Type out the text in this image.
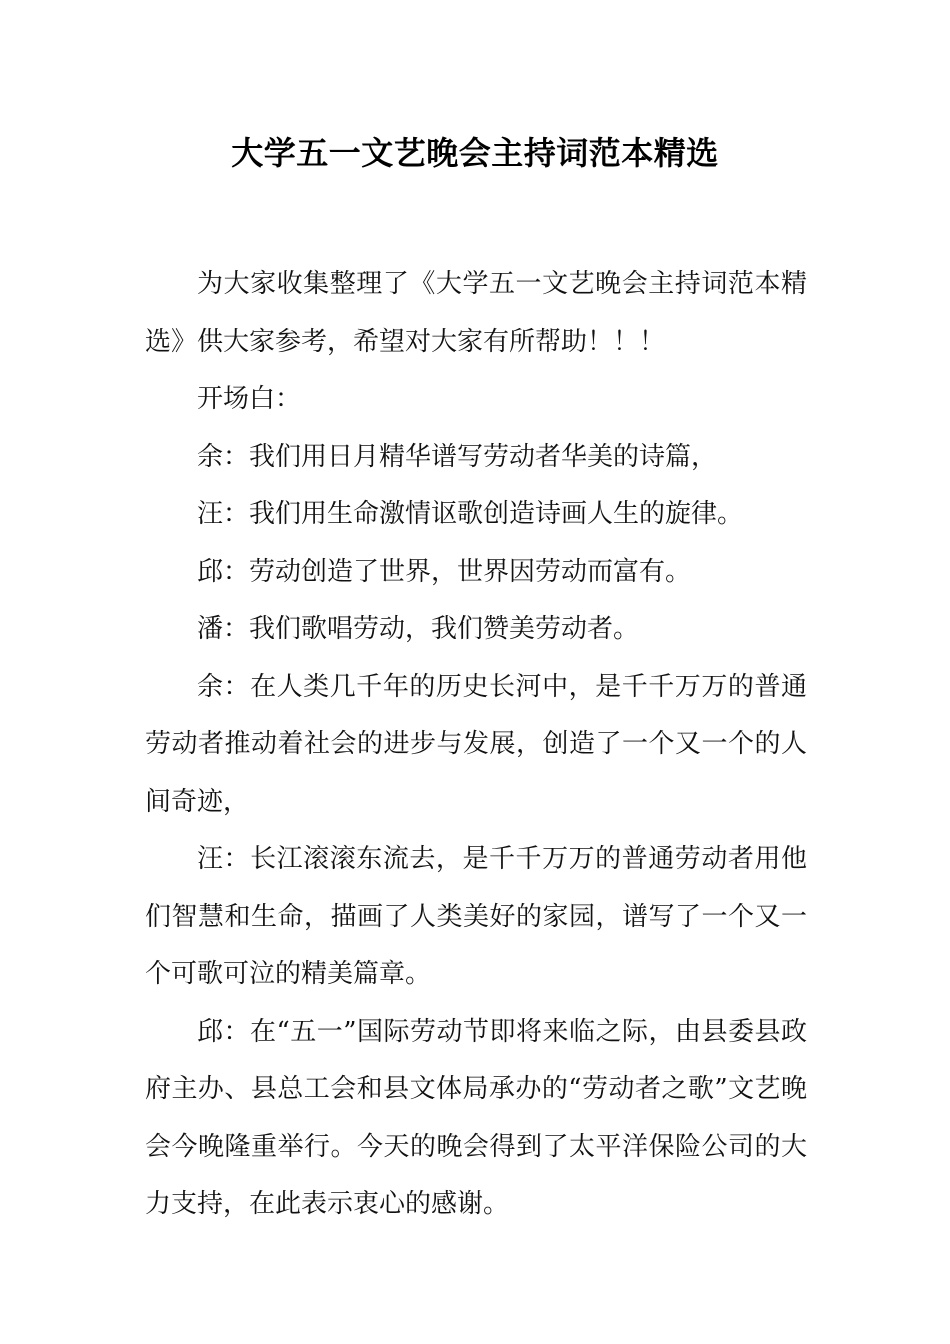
大学五一文艺晚会主持词范本精选

为大家收集整理了《大学五一文艺晚会主持词范本精选》供大家参考，希望对大家有所帮助！！！

开场白：

余：我们用日月精华谱写劳动者华美的诗篇，

汪：我们用生命激情讴歌创造诗画人生的旋律。

邱：劳动创造了世界，世界因劳动而富有。

潘：我们歌唱劳动，我们赞美劳动者。

余：在人类几千年的历史长河中，是千千万万的普通劳动者推动着社会的进步与发展，创造了一个又一个的人间奇迹，

汪：长江滚滚东流去，是千千万万的普通劳动者用他们智慧和生命，描画了人类美好的家园，谱写了一个又一个可歌可泣的精美篇章。

邱：在“五一”国际劳动节即将来临之际，由县委县政府主办、县总工会和县文体局承办的“劳动者之歌”文艺晚会今晚隆重举行。今天的晚会得到了太平洋保险公司的大力支持，在此表示衷心的感谢。
